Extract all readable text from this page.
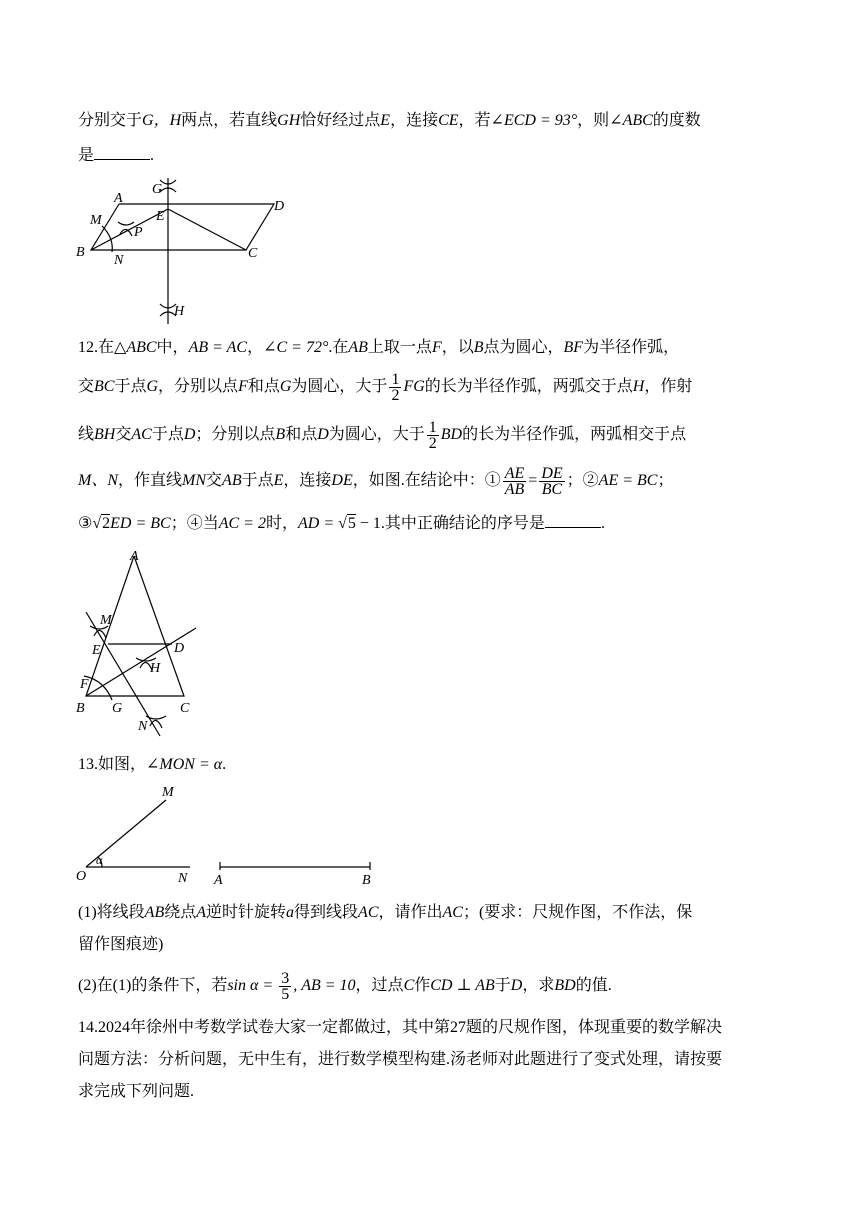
分别交于G，H两点，若直线GH恰好经过点E，连接CE，若∠ECD = 93°，则∠ABC的度数
是	.
A
B	C
D
E
G
H
M
N
P
12.在△ABC中，AB = AC，∠C = 72°.在AB上取一点F，以B点为圆心，BF为半径作弧，
交BC于点G，分别以点F和点G为圆心，大于 $\frac{1}{2}$ FG的长为半径作弧，两弧交于点H，作射
线BH交AC于点D；分别以点B和点D为圆心，大于 $\frac{1}{2}$ BD的长为半径作弧，两弧相交于点
M、N，作直线MN交AB于点E，连接DE，如图.在结论中：① $\frac{AE}{AB} = \frac{DE}{BC}$ ；②AE = BC；
③√2ED = BC；④当AC = 2时，AD = √5 − 1.其中正确结论的序号是	.
A
B	C
D
E
F
G
H
M
N
13.如图，∠MON = α.
M
O	N
α
A	B
(1)将线段AB绕点A逆时针旋转a得到线段AC，请作出AC；(要求：尺规作图，不作法，保
留作图痕迹)
(2)在(1)的条件下，若$\sin \alpha = \frac{3}{5}$ , AB = 10，过点C作CD ⊥ AB于D，求BD的值.
14.2024年徐州中考数学试卷大家一定都做过，其中第27题的尺规作图，体现重要的数学解决
问题方法：分析问题，无中生有，进行数学模型构建.汤老师对此题进行了变式处理，请按要
求完成下列问题.
